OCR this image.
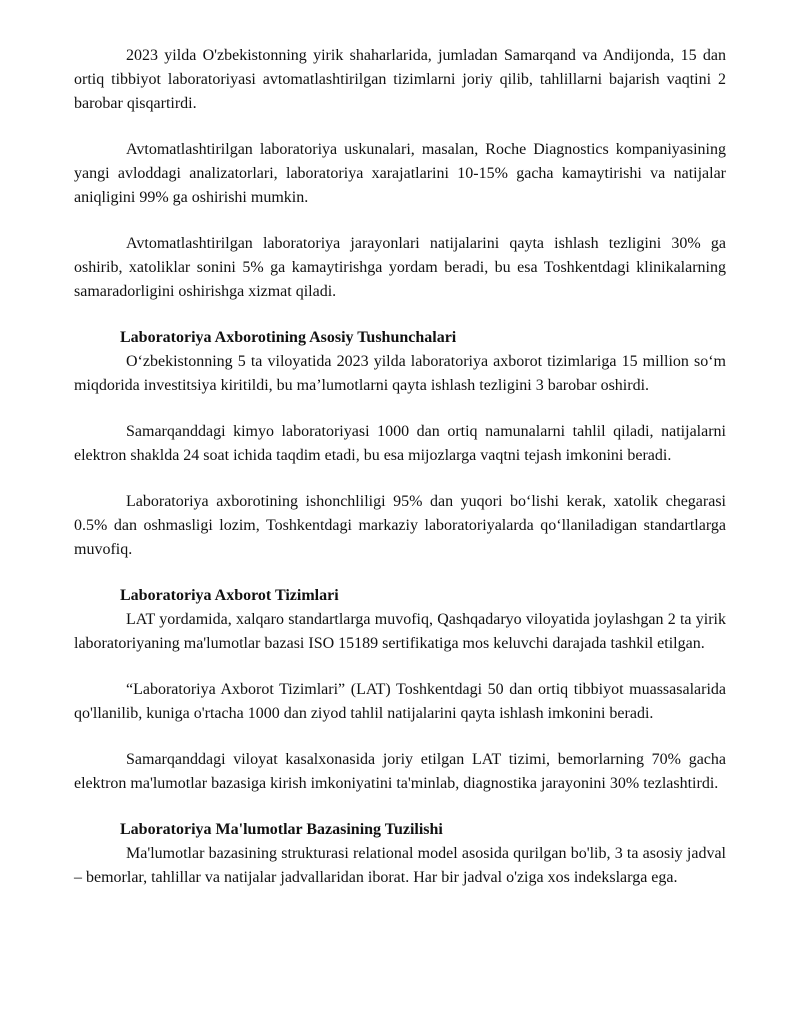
2023 yilda O'zbekistonning yirik shaharlarida, jumladan Samarqand va Andijonda, 15 dan ortiq tibbiyot laboratoriyasi avtomatlashtirilgan tizimlarni joriy qilib, tahlillarni bajarish vaqtini 2 barobar qisqartirdi.

Avtomatlashtirilgan laboratoriya uskunalari, masalan, Roche Diagnostics kompaniyasining yangi avloddagi analizatorlari, laboratoriya xarajatlarini 10-15% gacha kamaytirishi va natijalar aniqligini 99% ga oshirishi mumkin.

Avtomatlashtirilgan laboratoriya jarayonlari natijalarini qayta ishlash tezligini 30% ga oshirib, xatoliklar sonini 5% ga kamaytirishga yordam beradi, bu esa Toshkentdagi klinikalarning samaradorligini oshirishga xizmat qiladi.

Laboratoriya Axborotining Asosiy Tushunchalari

O‘zbekistonning 5 ta viloyatida 2023 yilda laboratoriya axborot tizimlariga 15 million so‘m miqdorida investitsiya kiritildi, bu ma’lumotlarni qayta ishlash tezligini 3 barobar oshirdi.

Samarqanddagi kimyo laboratoriyasi 1000 dan ortiq namunalarni tahlil qiladi, natijalarni elektron shaklda 24 soat ichida taqdim etadi, bu esa mijozlarga vaqtni tejash imkonini beradi.

Laboratoriya axborotining ishonchliligi 95% dan yuqori bo‘lishi kerak, xatolik chegarasi 0.5% dan oshmasligi lozim, Toshkentdagi markaziy laboratoriyalarda qo‘llaniladigan standartlarga muvofiq.

Laboratoriya Axborot Tizimlari

LAT yordamida, xalqaro standartlarga muvofiq, Qashqadaryo viloyatida joylashgan 2 ta yirik laboratoriyaning ma'lumotlar bazasi ISO 15189 sertifikatiga mos keluvchi darajada tashkil etilgan.

“Laboratoriya Axborot Tizimlari” (LAT) Toshkentdagi 50 dan ortiq tibbiyot muassasalarida qo'llanilib, kuniga o'rtacha 1000 dan ziyod tahlil natijalarini qayta ishlash imkonini beradi.

Samarqanddagi viloyat kasalxonasida joriy etilgan LAT tizimi, bemorlarning 70% gacha elektron ma'lumotlar bazasiga kirish imkoniyatini ta'minlab, diagnostika jarayonini 30% tezlashtirdi.

Laboratoriya Ma'lumotlar Bazasining Tuzilishi

Ma'lumotlar bazasining strukturasi relational model asosida qurilgan bo'lib, 3 ta asosiy jadval – bemorlar, tahlillar va natijalar jadvallaridan iborat. Har bir jadval o'ziga xos indekslarga ega.
